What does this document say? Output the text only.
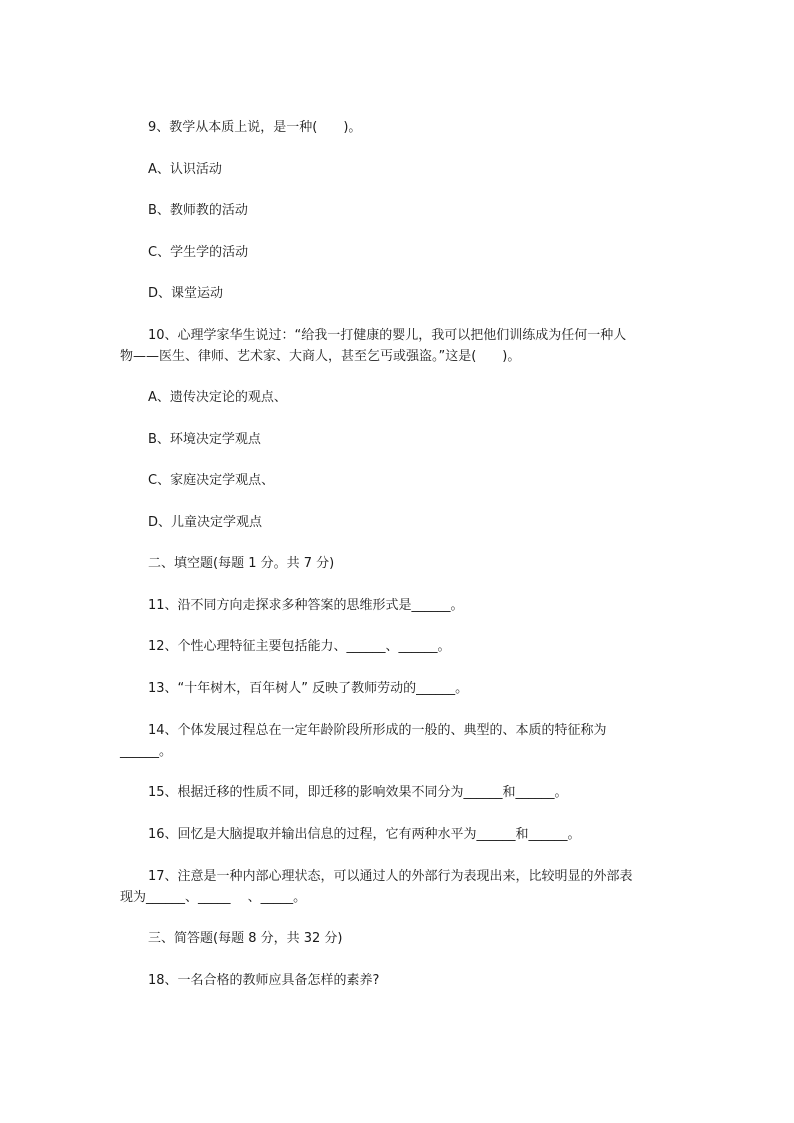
9、教学从本质上说，是一种(　　)。
A、认识活动
B、教师教的活动
C、学生学的活动
D、课堂运动
10、心理学家华生说过：“给我一打健康的婴儿，我可以把他们训练成为任何一种人
物——医生、律师、艺术家、大商人，甚至乞丐或强盗。”这是(　　)。
A、遗传决定论的观点、
B、环境决定学观点
C、家庭决定学观点、
D、儿童决定学观点
二、填空题(每题 1 分。共 7 分)
11、沿不同方向走探求多种答案的思维形式是______。
12、个性心理特征主要包括能力、______、______。
13、“十年树木，百年树人” 反映了教师劳动的______。
14、个体发展过程总在一定年龄阶段所形成的一般的、典型的、本质的特征称为
______。
15、根据迁移的性质不同，即迁移的影响效果不同分为______和______。
16、回忆是大脑提取并输出信息的过程，它有两种水平为______和______。
17、注意是一种内部心理状态，可以通过人的外部行为表现出来，比较明显的外部表
现为______、_____　 、_____。
三、简答题(每题 8 分，共 32 分)
18、一名合格的教师应具备怎样的素养?
